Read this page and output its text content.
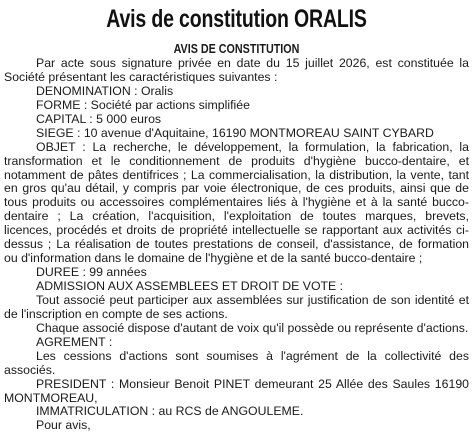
Avis de constitution ORALIS
AVIS DE CONSTITUTION

Par acte sous signature privée en date du 15 juillet 2026, est constituée la Société présentant les caractéristiques suivantes :

DENOMINATION : Oralis

FORME : Société par actions simplifiée

CAPITAL : 5 000 euros

SIEGE : 10 avenue d'Aquitaine, 16190 MONTMOREAU SAINT CYBARD

OBJET : La recherche, le développement, la formulation, la fabrication, la transformation et le conditionnement de produits d'hygiène bucco-dentaire, et notamment de pâtes dentifrices ; La commercialisation, la distribution, la vente, tant en gros qu'au détail, y compris par voie électronique, de ces produits, ainsi que de tous produits ou accessoires complémentaires liés à l'hygiène et à la santé bucco-dentaire ; La création, l'acquisition, l'exploitation de toutes marques, brevets, licences, procédés et droits de propriété intellectuelle se rapportant aux activités ci-dessus ; La réalisation de toutes prestations de conseil, d'assistance, de formation ou d'information dans le domaine de l'hygiène et de la santé bucco-dentaire ;

DUREE : 99 années

ADMISSION AUX ASSEMBLEES ET DROIT DE VOTE :

Tout associé peut participer aux assemblées sur justification de son identité et de l'inscription en compte de ses actions.

Chaque associé dispose d'autant de voix qu'il possède ou représente d'actions.

AGREMENT :

Les cessions d'actions sont soumises à l'agrément de la collectivité des associés.

PRESIDENT : Monsieur Benoit PINET demeurant 25 Allée des Saules 16190 MONTMOREAU,

IMMATRICULATION : au RCS de ANGOULEME.

Pour avis,
